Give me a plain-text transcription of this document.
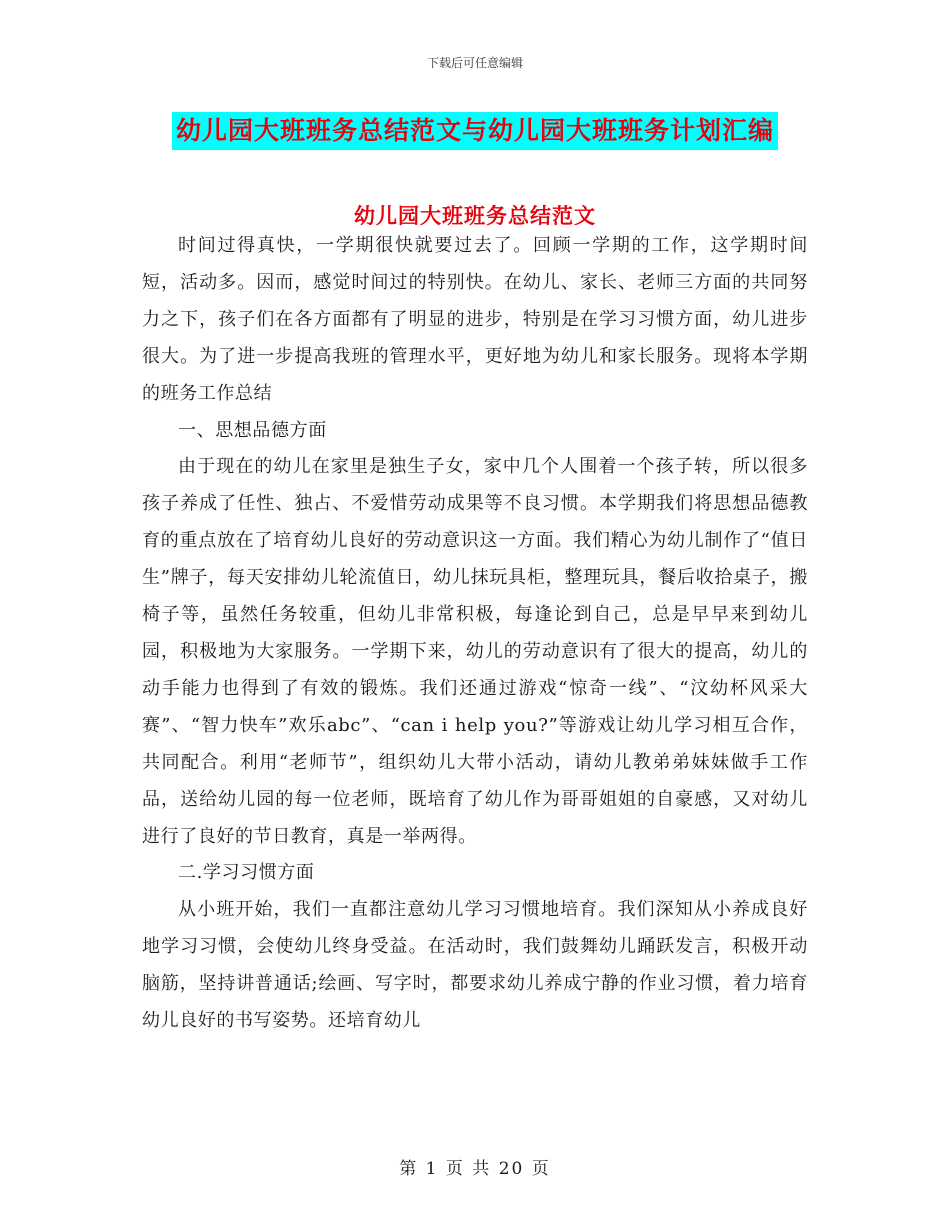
下载后可任意编辑
幼儿园大班班务总结范文与幼儿园大班班务计划汇编
幼儿园大班班务总结范文

时间过得真快，一学期很快就要过去了。回顾一学期的工作，这学期时间短，活动多。因而，感觉时间过的特别快。在幼儿、家长、老师三方面的共同努力之下，孩子们在各方面都有了明显的进步，特别是在学习习惯方面，幼儿进步很大。为了进一步提高我班的管理水平，更好地为幼儿和家长服务。现将本学期的班务工作总结

一、思想品德方面

由于现在的幼儿在家里是独生子女，家中几个人围着一个孩子转，所以很多孩子养成了任性、独占、不爱惜劳动成果等不良习惯。本学期我们将思想品德教育的重点放在了培育幼儿良好的劳动意识这一方面。我们精心为幼儿制作了“值日生”牌子，每天安排幼儿轮流值日，幼儿抹玩具柜，整理玩具，餐后收拾桌子，搬椅子等，虽然任务较重，但幼儿非常积极，每逢论到自己，总是早早来到幼儿园，积极地为大家服务。一学期下来，幼儿的劳动意识有了很大的提高，幼儿的动手能力也得到了有效的锻炼。我们还通过游戏“惊奇一线”、“汶幼杯风采大赛”、“智力快车”欢乐abc”、“can i help you?”等游戏让幼儿学习相互合作，共同配合。利用“老师节”，组织幼儿大带小活动，请幼儿教弟弟妹妹做手工作品，送给幼儿园的每一位老师，既培育了幼儿作为哥哥姐姐的自豪感，又对幼儿进行了良好的节日教育，真是一举两得。

二.学习习惯方面

从小班开始，我们一直都注意幼儿学习习惯地培育。我们深知从小养成良好地学习习惯，会使幼儿终身受益。在活动时，我们鼓舞幼儿踊跃发言，积极开动脑筋，坚持讲普通话;绘画、写字时，都要求幼儿养成宁静的作业习惯，着力培育幼儿良好的书写姿势。还培育幼儿

第 1 页 共 20 页
